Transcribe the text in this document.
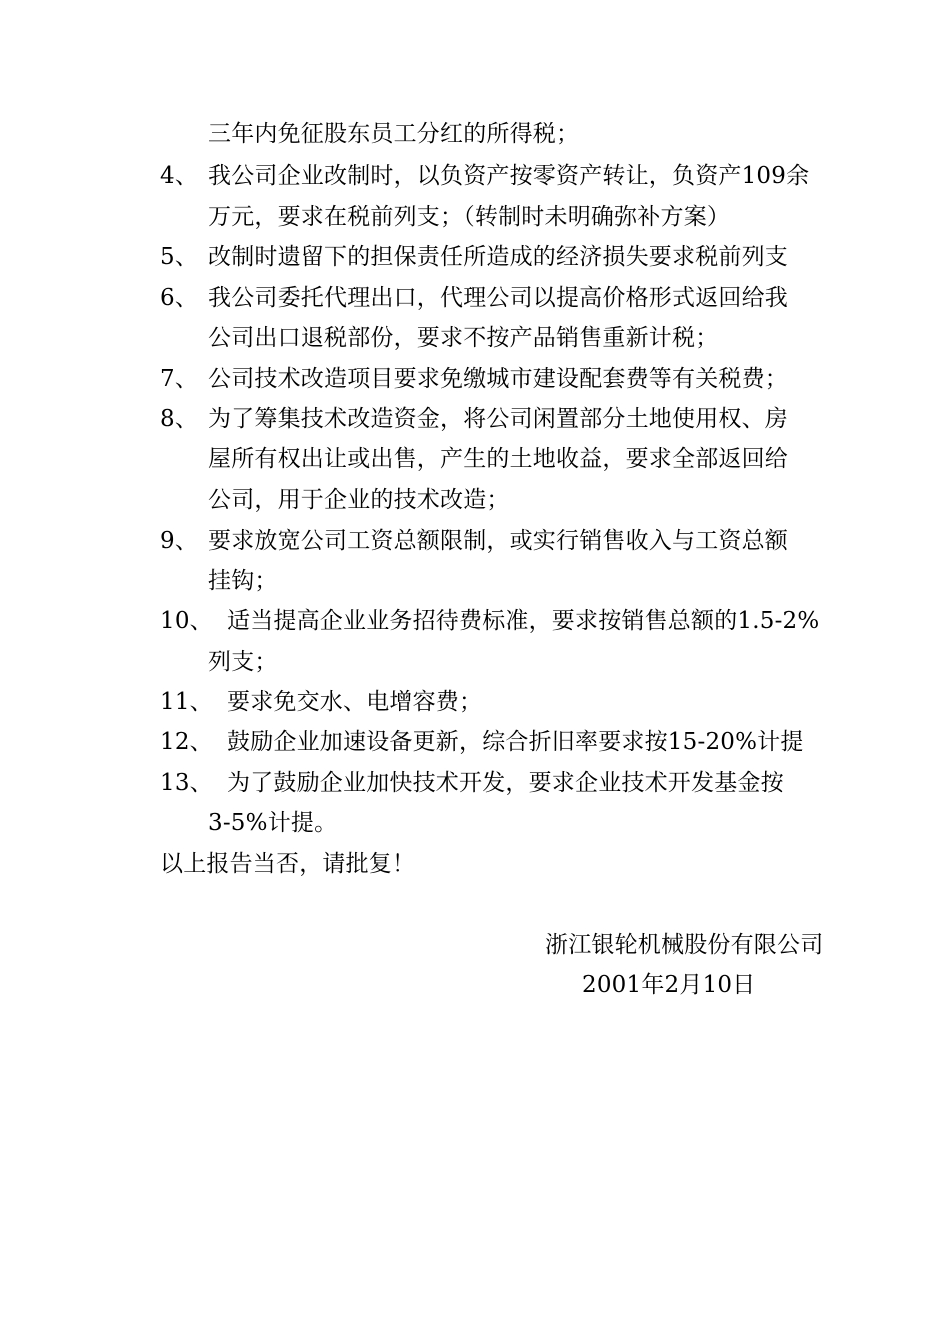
三年内免征股东员工分红的所得税；
4、 我公司企业改制时，以负资产按零资产转让，负资产109余
万元，要求在税前列支；（转制时未明确弥补方案）
5、 改制时遗留下的担保责任所造成的经济损失要求税前列支
6、 我公司委托代理出口，代理公司以提高价格形式返回给我
公司出口退税部份，要求不按产品销售重新计税；
7、 公司技术改造项目要求免缴城市建设配套费等有关税费；
8、 为了筹集技术改造资金，将公司闲置部分土地使用权、房
屋所有权出让或出售，产生的土地收益，要求全部返回给
公司，用于企业的技术改造；
9、 要求放宽公司工资总额限制，或实行销售收入与工资总额
挂钩；
10、 适当提高企业业务招待费标准，要求按销售总额的1.5-2%
列支；
11、 要求免交水、电增容费；
12、 鼓励企业加速设备更新，综合折旧率要求按15-20%计提
13、 为了鼓励企业加快技术开发，要求企业技术开发基金按
3-5%计提。
以上报告当否，请批复！
浙江银轮机械股份有限公司
2001年2月10日
